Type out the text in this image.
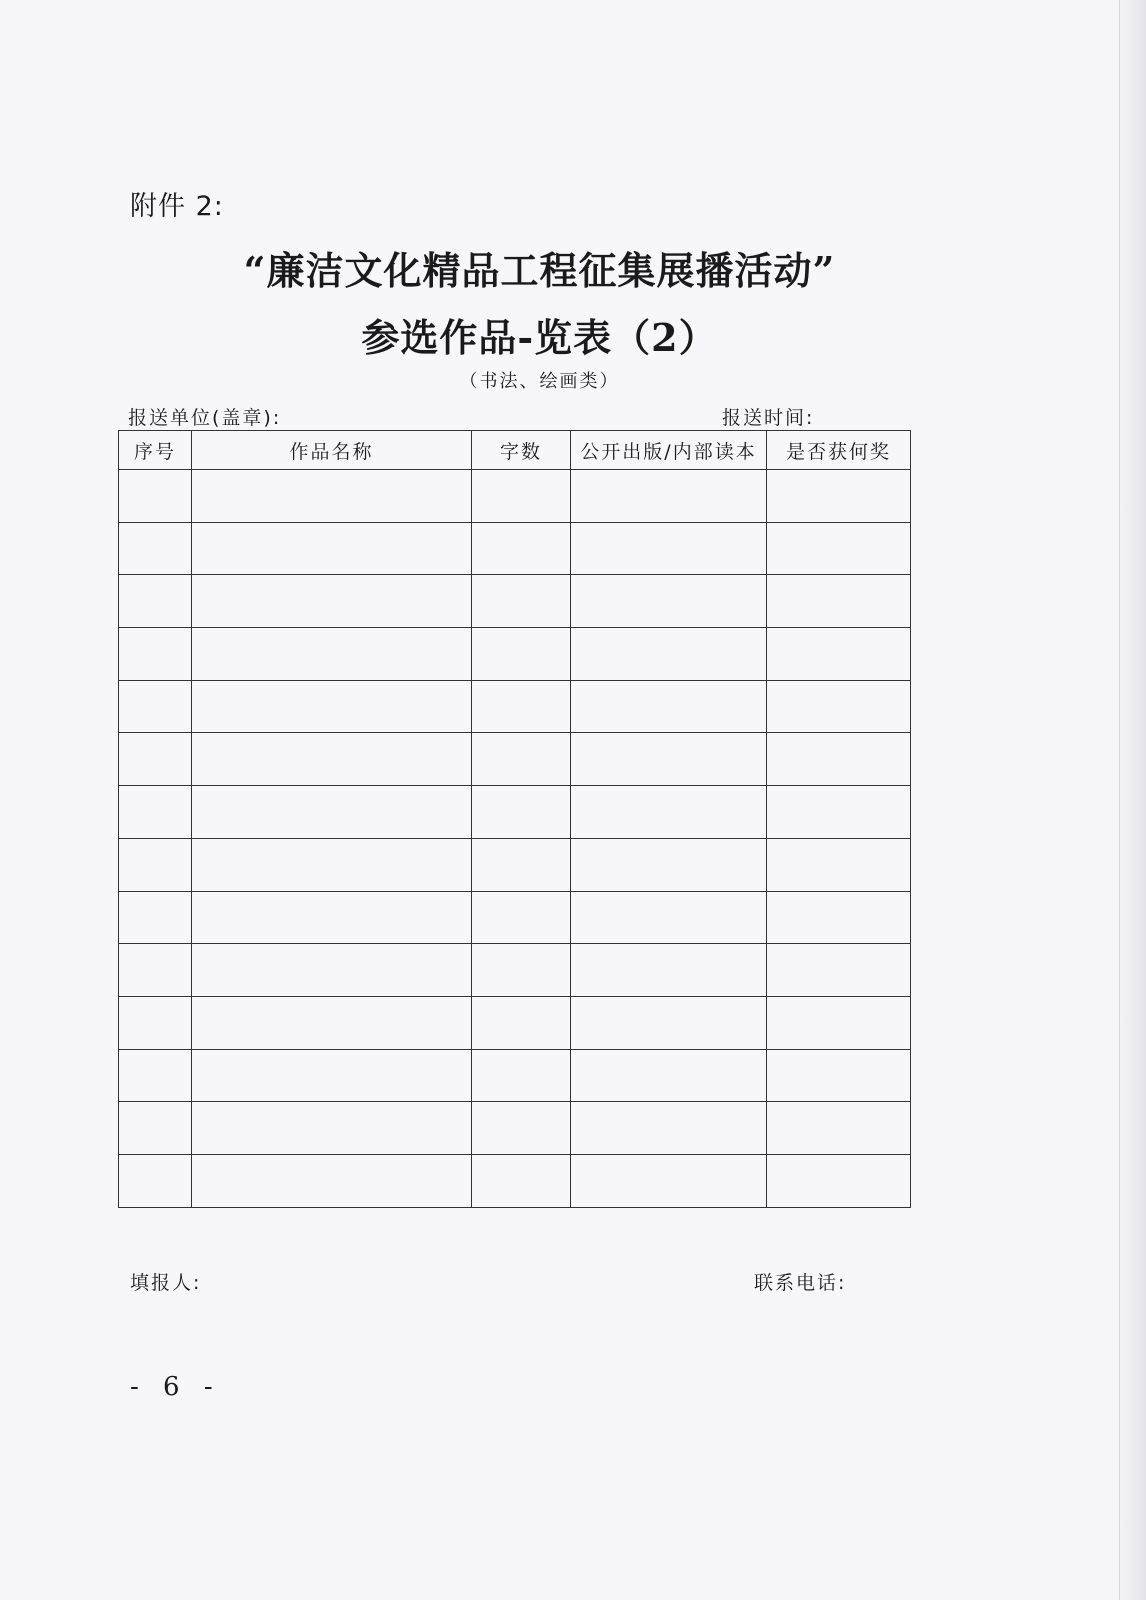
附件 2:
“廉洁文化精品工程征集展播活动”
参选作品-览表（2）
（书法、绘画类）
报送单位(盖章):	报送时间:
序号	作品名称	字数	公开出版/内部读本	是否获何奖

填报人:	联系电话:
- 6 -
